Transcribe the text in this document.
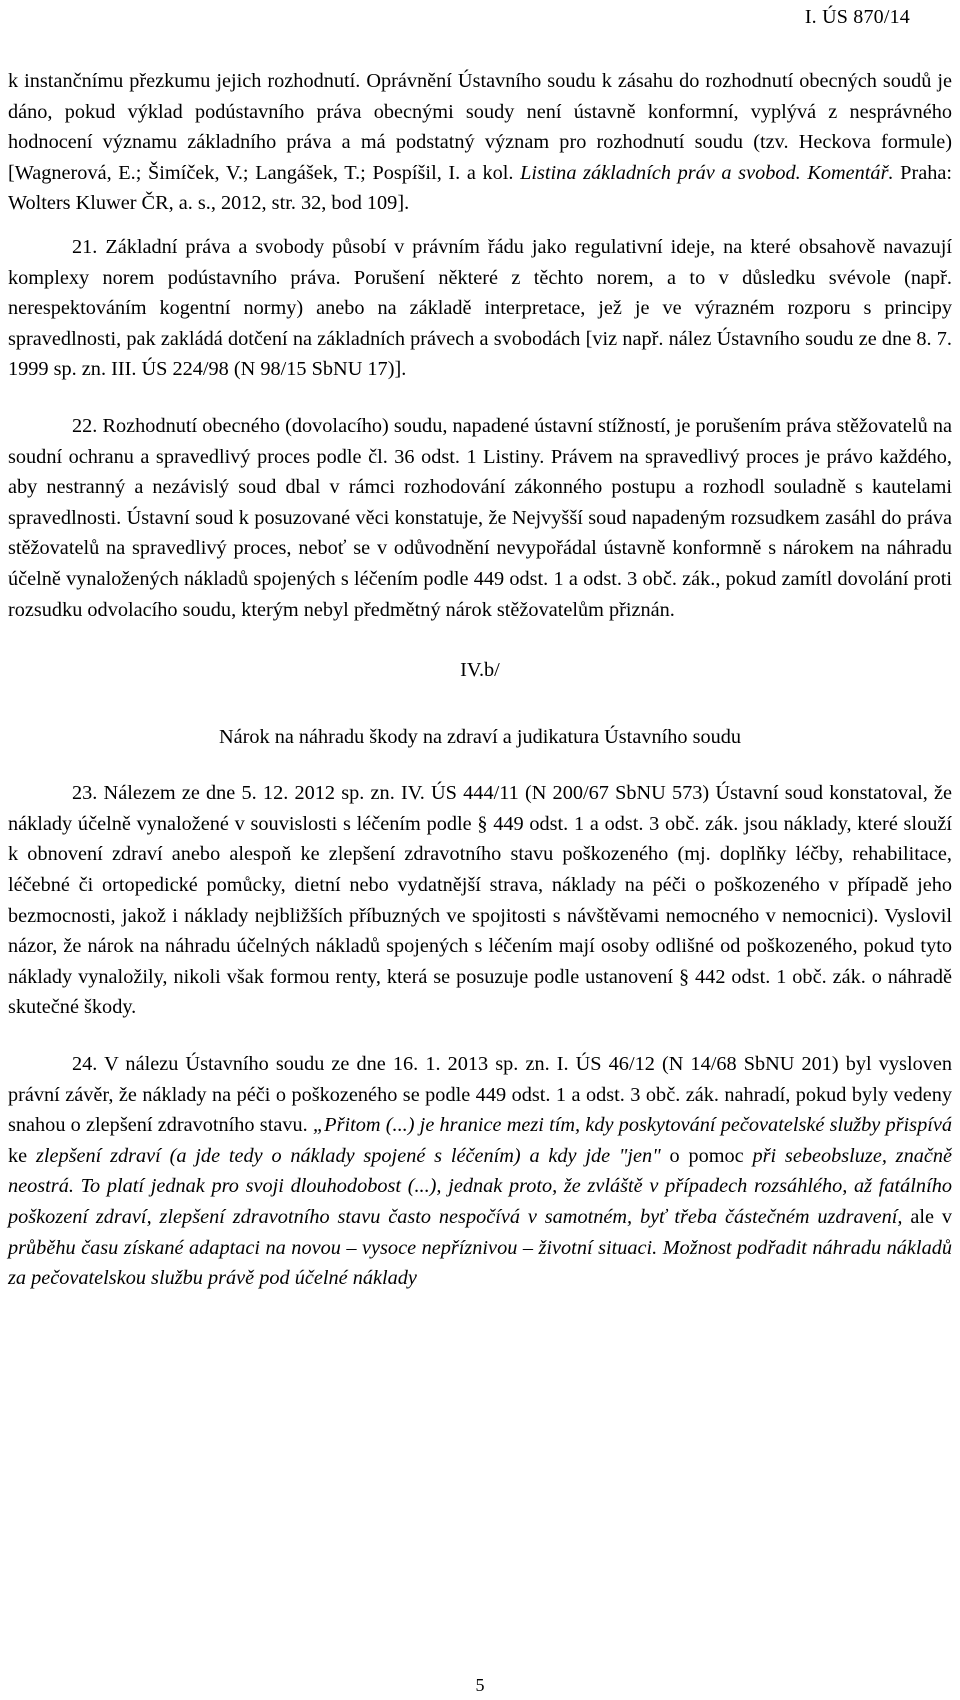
I. ÚS 870/14

k instančnímu přezkumu jejich rozhodnutí. Oprávnění Ústavního soudu k zásahu do rozhodnutí obecných soudů je dáno, pokud výklad podústavního práva obecnými soudy není ústavně konformní, vyplývá z nesprávného hodnocení významu základního práva a má podstatný význam pro rozhodnutí soudu (tzv. Heckova formule) [Wagnerová, E.; Šimíček, V.; Langášek, T.; Pospíšil, I. a kol. Listina základních práv a svobod. Komentář. Praha: Wolters Kluwer ČR, a. s., 2012, str. 32, bod 109].

21. Základní práva a svobody působí v právním řádu jako regulativní ideje, na které obsahově navazují komplexy norem podústavního práva. Porušení některé z těchto norem, a to v důsledku svévole (např. nerespektováním kogentní normy) anebo na základě interpretace, jež je ve výrazném rozporu s principy spravedlnosti, pak zakládá dotčení na základních právech a svobodách [viz např. nález Ústavního soudu ze dne 8. 7. 1999 sp. zn. III. ÚS 224/98 (N 98/15 SbNU 17)].

22. Rozhodnutí obecného (dovolacího) soudu, napadené ústavní stížností, je porušením práva stěžovatelů na soudní ochranu a spravedlivý proces podle čl. 36 odst. 1 Listiny. Právem na spravedlivý proces je právo každého, aby nestranný a nezávislý soud dbal v rámci rozhodování zákonného postupu a rozhodl souladně s kautelami spravedlnosti. Ústavní soud k posuzované věci konstatuje, že Nejvyšší soud napadeným rozsudkem zasáhl do práva stěžovatelů na spravedlivý proces, neboť se v odůvodnění nevypořádal ústavně konformně s nárokem na náhradu účelně vynaložených nákladů spojených s léčením podle 449 odst. 1 a odst. 3 obč. zák., pokud zamítl dovolání proti rozsudku odvolacího soudu, kterým nebyl předmětný nárok stěžovatelům přiznán.

IV.b/

Nárok na náhradu škody na zdraví a judikatura Ústavního soudu

23. Nálezem ze dne 5. 12. 2012 sp. zn. IV. ÚS 444/11 (N 200/67 SbNU 573) Ústavní soud konstatoval, že náklady účelně vynaložené v souvislosti s léčením podle § 449 odst. 1 a odst. 3 obč. zák. jsou náklady, které slouží k obnovení zdraví anebo alespoň ke zlepšení zdravotního stavu poškozeného (mj. doplňky léčby, rehabilitace, léčebné či ortopedické pomůcky, dietní nebo vydatnější strava, náklady na péči o poškozeného v případě jeho bezmocnosti, jakož i náklady nejbližších příbuzných ve spojitosti s návštěvami nemocného v nemocnici). Vyslovil názor, že nárok na náhradu účelných nákladů spojených s léčením mají osoby odlišné od poškozeného, pokud tyto náklady vynaložily, nikoli však formou renty, která se posuzuje podle ustanovení § 442 odst. 1 obč. zák. o náhradě skutečné škody.

24. V nálezu Ústavního soudu ze dne 16. 1. 2013 sp. zn. I. ÚS 46/12 (N 14/68 SbNU 201) byl vysloven právní závěr, že náklady na péči o poškozeného se podle 449 odst. 1 a odst. 3 obč. zák. nahradí, pokud byly vedeny snahou o zlepšení zdravotního stavu. „Přitom (...) je hranice mezi tím, kdy poskytování pečovatelské služby přispívá ke zlepšení zdraví (a jde tedy o náklady spojené s léčením) a kdy jde "jen" o pomoc při sebeobsluze, značně neostrá. To platí jednak pro svoji dlouhodobost (...), jednak proto, že zvláště v případech rozsáhlého, až fatálního poškození zdraví, zlepšení zdravotního stavu často nespočívá v samotném, byť třeba částečném uzdravení, ale v průběhu času získané adaptaci na novou – vysoce nepříznivou – životní situaci. Možnost podřadit náhradu nákladů za pečovatelskou službu právě pod účelné náklady

5
